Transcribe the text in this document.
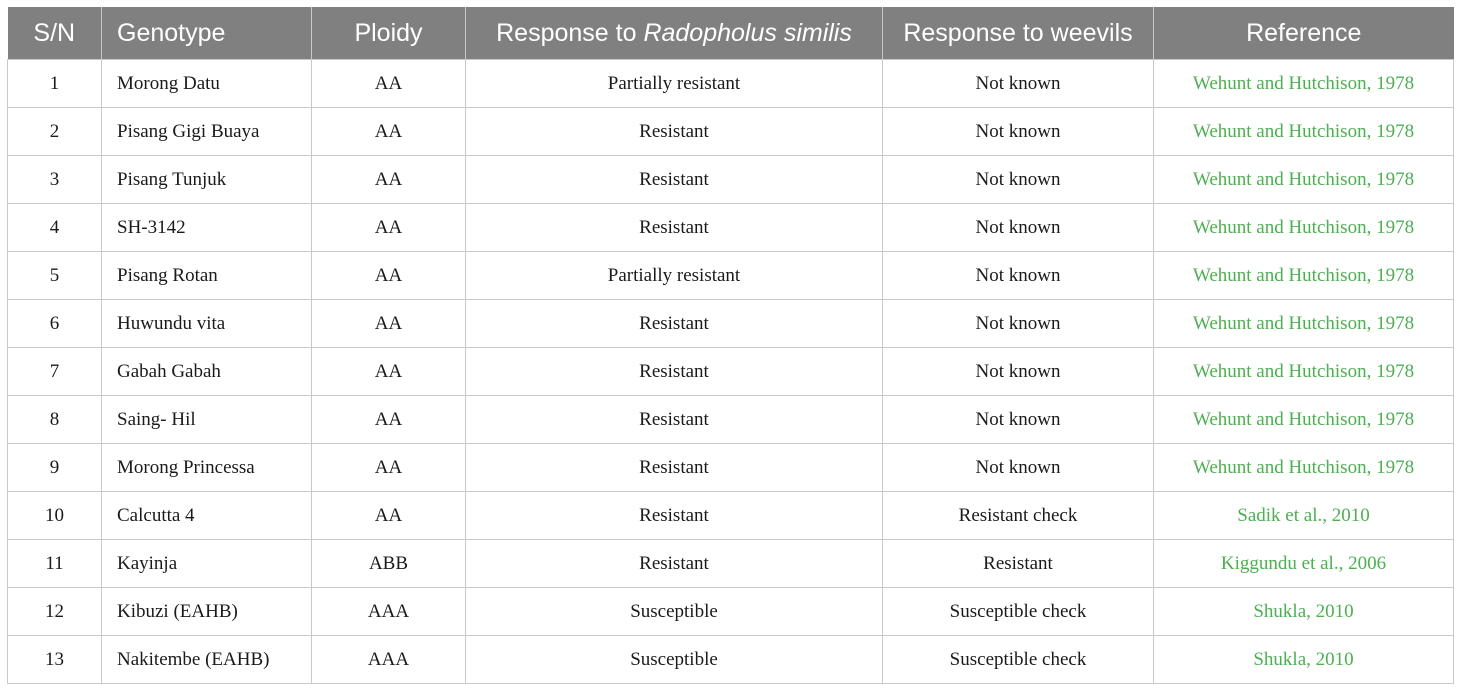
S/N	Genotype	Ploidy	Response to Radopholus similis	Response to weevils	Reference
1	Morong Datu	AA	Partially resistant	Not known	Wehunt and Hutchison, 1978
2	Pisang Gigi Buaya	AA	Resistant	Not known	Wehunt and Hutchison, 1978
3	Pisang Tunjuk	AA	Resistant	Not known	Wehunt and Hutchison, 1978
4	SH-3142	AA	Resistant	Not known	Wehunt and Hutchison, 1978
5	Pisang Rotan	AA	Partially resistant	Not known	Wehunt and Hutchison, 1978
6	Huwundu vita	AA	Resistant	Not known	Wehunt and Hutchison, 1978
7	Gabah Gabah	AA	Resistant	Not known	Wehunt and Hutchison, 1978
8	Saing- Hil	AA	Resistant	Not known	Wehunt and Hutchison, 1978
9	Morong Princessa	AA	Resistant	Not known	Wehunt and Hutchison, 1978
10	Calcutta 4	AA	Resistant	Resistant check	Sadik et al., 2010
11	Kayinja	ABB	Resistant	Resistant	Kiggundu et al., 2006
12	Kibuzi (EAHB)	AAA	Susceptible	Susceptible check	Shukla, 2010
13	Nakitembe (EAHB)	AAA	Susceptible	Susceptible check	Shukla, 2010
